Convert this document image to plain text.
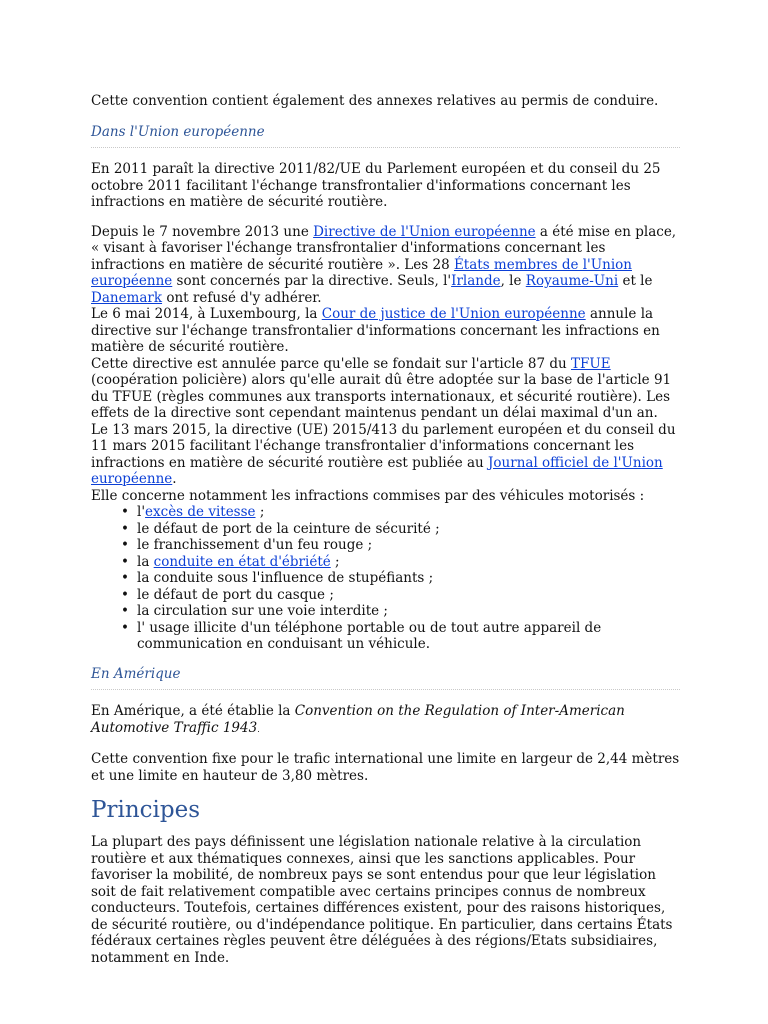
Cette convention contient également des annexes relatives au permis de conduire.

Dans l'Union européenne

En 2011 paraît la directive 2011/82/UE du Parlement européen et du conseil du 25 octobre 2011 facilitant l'échange transfrontalier d'informations concernant les infractions en matière de sécurité routière.

Depuis le 7 novembre 2013 une Directive de l'Union européenne a été mise en place, « visant à favoriser l'échange transfrontalier d'informations concernant les infractions en matière de sécurité routière ». Les 28 États membres de l'Union européenne sont concernés par la directive. Seuls, l'Irlande, le Royaume-Uni et le Danemark ont refusé d'y adhérer.

Le 6 mai 2014, à Luxembourg, la Cour de justice de l'Union européenne annule la directive sur l'échange transfrontalier d'informations concernant les infractions en matière de sécurité routière.

Cette directive est annulée parce qu'elle se fondait sur l'article 87 du TFUE (coopération policière) alors qu'elle aurait dû être adoptée sur la base de l'article 91 du TFUE (règles communes aux transports internationaux, et sécurité routière). Les effets de la directive sont cependant maintenus pendant un délai maximal d'un an.

Le 13 mars 2015, la directive (UE) 2015/413 du parlement européen et du conseil du 11 mars 2015 facilitant l'échange transfrontalier d'informations concernant les infractions en matière de sécurité routière est publiée au Journal officiel de l'Union européenne.

Elle concerne notamment les infractions commises par des véhicules motorisés :

• l'excès de vitesse ;
• le défaut de port de la ceinture de sécurité ;
• le franchissement d'un feu rouge ;
• la conduite en état d'ébriété ;
• la conduite sous l'influence de stupéfiants ;
• le défaut de port du casque ;
• la circulation sur une voie interdite ;
• l' usage illicite d'un téléphone portable ou de tout autre appareil de communication en conduisant un véhicule.
En Amérique

En Amérique, a été établie la Convention on the Regulation of Inter-American Automotive Traffic 1943.

Cette convention fixe pour le trafic international une limite en largeur de 2,44 mètres et une limite en hauteur de 3,80 mètres.

Principes

La plupart des pays définissent une législation nationale relative à la circulation routière et aux thématiques connexes, ainsi que les sanctions applicables. Pour favoriser la mobilité, de nombreux pays se sont entendus pour que leur législation soit de fait relativement compatible avec certains principes connus de nombreux conducteurs. Toutefois, certaines différences existent, pour des raisons historiques, de sécurité routière, ou d'indépendance politique. En particulier, dans certains États fédéraux certaines règles peuvent être déléguées à des régions/Etats subsidiaires, notamment en Inde.
